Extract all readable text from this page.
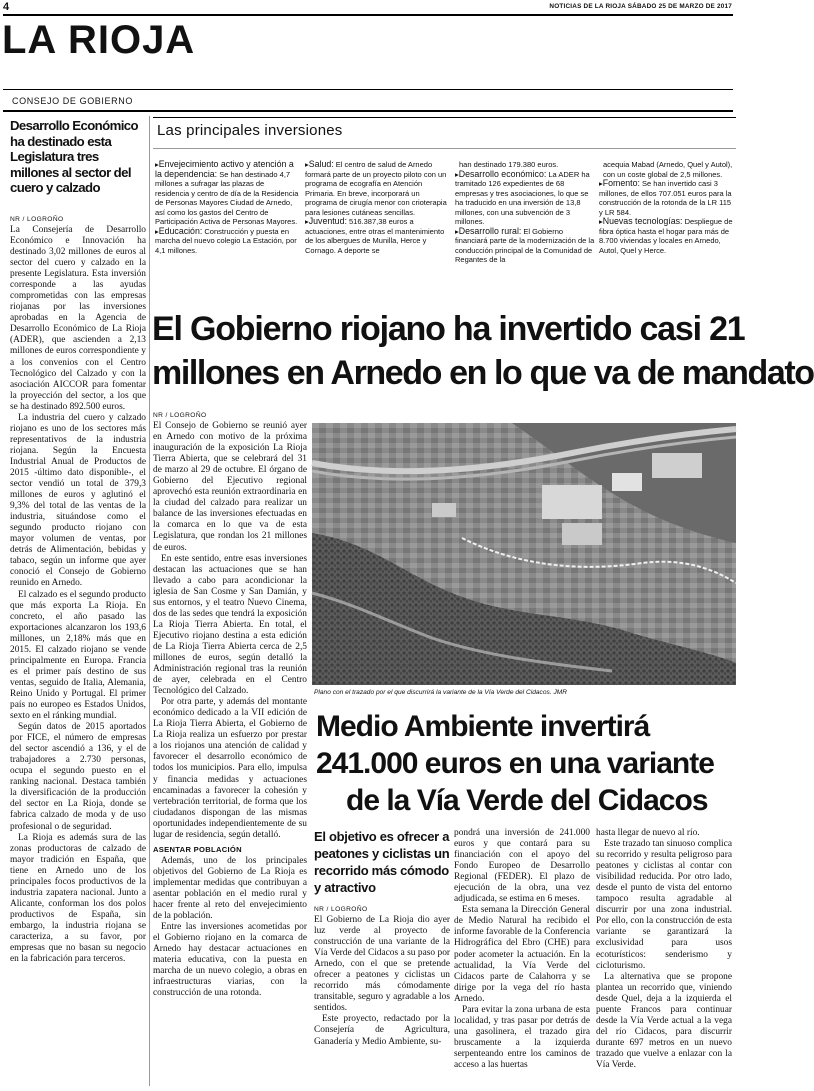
4	NOTICIAS DE LA RIOJA SÁBADO 25 DE MARZO DE 2017
LA RIOJA
CONSEJO DE GOBIERNO
Desarrollo Económico ha destinado esta Legislatura tres millones al sector del cuero y calzado
NR / LOGROÑO

La Consejería de Desarrollo Económico e Innovación ha destinado 3,02 millones de euros al sector del cuero y calzado en la presente Legislatura. Esta inversión corresponde a las ayudas comprometidas con las empresas riojanas por las inversiones aprobadas en la Agencia de Desarrollo Económico de La Rioja (ADER), que ascienden a 2,13 millones de euros correspondiente y a los convenios con el Centro Tecnológico del Calzado y con la asociación AICCOR para fomentar la proyección del sector, a los que se ha destinado 892.500 euros.

La industria del cuero y calzado riojano es uno de los sectores más representativos de la industria riojana. Según la Encuesta Industrial Anual de Productos de 2015 -último dato disponible-, el sector vendió un total de 379,3 millones de euros y aglutinó el 9,3% del total de las ventas de la industria, situándose como el segundo producto riojano con mayor volumen de ventas, por detrás de Alimentación, bebidas y tabaco, según un informe que ayer conoció el Consejo de Gobierno reunido en Arnedo.

El calzado es el segundo producto que más exporta La Rioja. En concreto, el año pasado las exportaciones alcanzaron los 193,6 millones, un 2,18% más que en 2015. El calzado riojano se vende principalmente en Europa. Francia es el primer país destino de sus ventas, seguido de Italia, Alemania, Reino Unido y Portugal. El primer país no europeo es Estados Unidos, sexto en el ránking mundial.

Según datos de 2015 aportados por FICE, el número de empresas del sector ascendió a 136, y el de trabajadores a 2.730 personas, ocupa el segundo puesto en el ranking nacional. Destaca también la diversificación de la producción del sector en La Rioja, donde se fabrica calzado de moda y de uso profesional o de seguridad.

La Rioja es además sura de las zonas productoras de calzado de mayor tradición en España, que tiene en Arnedo uno de los principales focos productivos de la industria zapatera nacional. Junto a Alicante, conforman los dos polos productivos de España, sin embargo, la industria riojana se caracteriza, a su favor, por empresas que no basan su negocio en la fabricación para terceros.

Las principales inversiones
▸Envejecimiento activo y atención a la dependencia: Se han destinado 4,7 millones a sufragar las plazas de residencia y centro de día de la Residencia de Personas Mayores Ciudad de Arnedo, así como los gastos del Centro de Participación Activa de Personas Mayores.
▸Educación: Construcción y puesta en marcha del nuevo colegio La Estación, por 4,1 millones.
▸Salud: El centro de salud de Arnedo formará parte de un proyecto piloto con un programa de ecografía en Atención Primaria. En breve, incorporará un programa de cirugía menor con crioterapia para lesiones cutáneas sencillas.
▸Juventud: 516.387,38 euros a actuaciones, entre otras el mantenimiento de los albergues de Munilla, Herce y Cornago. A deporte se
han destinado 179.380 euros.
▸Desarrollo económico: La ADER ha tramitado 126 expedientes de 68 empresas y tres asociaciones, lo que se ha traducido en una inversión de 13,8 millones, con una subvención de 3 millones.
▸Desarrollo rural: El Gobierno financiará parte de la modernización de la conducción principal de la Comunidad de Regantes de la
acequia Mabad (Arnedo, Quel y Autol), con un coste global de 2,5 millones.
▸Fomento: Se han invertido casi 3 millones, de ellos 707.051 euros para la construcción de la rotonda de la LR 115 y LR 584.
▸Nuevas tecnologías: Despliegue de fibra óptica hasta el hogar para más de 8.700 viviendas y locales en Arnedo, Autol, Quel y Herce.
El Gobierno riojano ha invertido casi 21
millones en Arnedo en lo que va de mandato
NR / LOGROÑO

El Consejo de Gobierno se reunió ayer en Arnedo con motivo de la próxima inauguración de la exposición La Rioja Tierra Abierta, que se celebrará del 31 de marzo al 29 de octubre. El órgano de Gobierno del Ejecutivo regional aprovechó esta reunión extraordinaria en la ciudad del calzado para realizar un balance de las inversiones efectuadas en la comarca en lo que va de esta Legislatura, que rondan los 21 millones de euros.

En este sentido, entre esas inversiones destacan las actuaciones que se han llevado a cabo para acondicionar la iglesia de San Cosme y San Damián, y sus entornos, y el teatro Nuevo Cinema, dos de las sedes que tendrá la exposición La Rioja Tierra Abierta. En total, el Ejecutivo riojano destina a esta edición de La Rioja Tierra Abierta cerca de 2,5 millones de euros, según detalló la Administración regional tras la reunión de ayer, celebrada en el Centro Tecnológico del Calzado.

Por otra parte, y además del montante económico dedicado a la VII edición de La Rioja Tierra Abierta, el Gobierno de La Rioja realiza un esfuerzo por prestar a los riojanos una atención de calidad y favorecer el desarrollo económico de todos los municipios. Para ello, impulsa y financia medidas y actuaciones encaminadas a favorecer la cohesión y vertebración territorial, de forma que los ciudadanos dispongan de las mismas oportunidades independientemente de su lugar de residencia, según detalló.

ASENTAR POBLACIÓN

Además, uno de los principales objetivos del Gobierno de La Rioja es implementar medidas que contribuyan a asentar población en el medio rural y hacer frente al reto del envejecimiento de la población.

Entre las inversiones acometidas por el Gobierno riojano en la comarca de Arnedo hay destacar actuaciones en materia educativa, con la puesta en marcha de un nuevo colegio, a obras en infraestructuras viarias, con la construcción de una rotonda.

Plano con el trazado por el que discurrirá la variante de la Vía Verde del Cidacos. JMR
Medio Ambiente invertirá
241.000 euros en una variante
de la Vía Verde del Cidacos
El objetivo es ofrecer a peatones y ciclistas un recorrido más cómodo y atractivo
NR / LOGROÑO

El Gobierno de La Rioja dio ayer luz verde al proyecto de construcción de una variante de la Vía Verde del Cidacos a su paso por Arnedo, con el que se pretende ofrecer a peatones y ciclistas un recorrido más cómodamente transitable, seguro y agradable a los sentidos.

Este proyecto, redactado por la Consejería de Agricultura, Ganadería y Medio Ambiente, su-

pondrá una inversión de 241.000 euros y que contará para su financiación con el apoyo del Fondo Europeo de Desarrollo Regional (FEDER). El plazo de ejecución de la obra, una vez adjudicada, se estima en 6 meses.

Esta semana la Dirección General de Medio Natural ha recibido el informe favorable de la Conferencia Hidrográfica del Ebro (CHE) para poder acometer la actuación. En la actualidad, la Vía Verde del Cidacos parte de Calahorra y se dirige por la vega del río hasta Arnedo.

Para evitar la zona urbana de esta localidad, y tras pasar por detrás de una gasolinera, el trazado gira bruscamente a la izquierda serpenteando entre los caminos de acceso a las huertas

hasta llegar de nuevo al río.

Este trazado tan sinuoso complica su recorrido y resulta peligroso para peatones y ciclistas al contar con visibilidad reducida. Por otro lado, desde el punto de vista del entorno tampoco resulta agradable al discurrir por una zona industrial. Por ello, con la construcción de esta variante se garantizará la exclusividad para usos ecoturísticos: senderismo y cicloturismo.

La alternativa que se propone plantea un recorrido que, viniendo desde Quel, deja a la izquierda el puente Francos para continuar desde la Vía Verde actual a la vega del río Cidacos, para discurrir durante 697 metros en un nuevo trazado que vuelve a enlazar con la Vía Verde.
